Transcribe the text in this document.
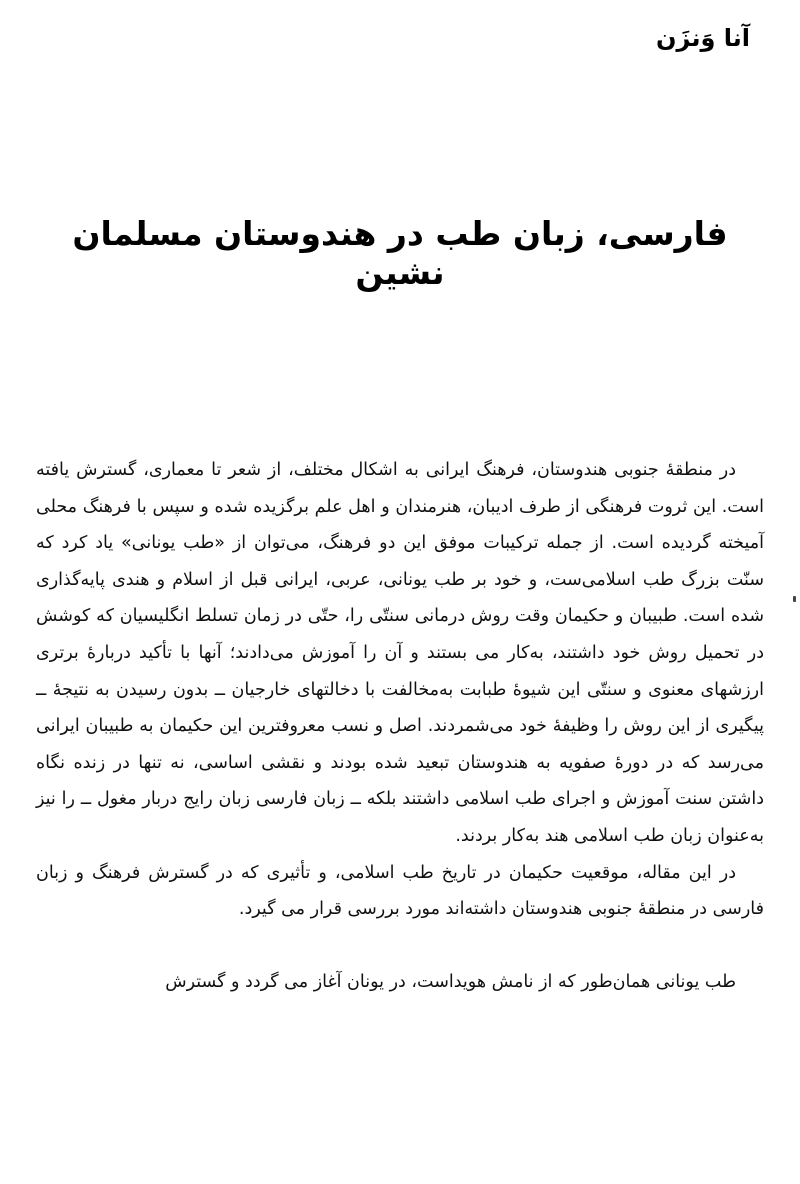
آنا وَنزَن
فارسی، زبان طب در هندوستان مسلمان نشین

در منطقهٔ جنوبی هندوستان، فرهنگ ایرانی به اشکال مختلف، از شعر تا معماری، گسترش یافته است. این ثروت فرهنگی از طرف ادیبان، هنرمندان و اهل علم برگزیده شده و سپس با فرهنگ محلی آمیخته گردیده است. از جمله ترکیبات موفق این دو فرهنگ، می‌توان از «طب یونانی» یاد کرد که سنّت بزرگ طب اسلامی‌ست، و خود بر طب یونانی، عربی، ایرانی قبل از اسلام و هندی پایه‌گذاری شده است. طبیبان و حکیمان وقت روش درمانی سنتّی را، حتّی در زمان تسلط انگلیسیان که کوشش در تحمیل روش خود داشتند، به‌کار می بستند و آن را آموزش می‌دادند؛ آنها با تأکید دربارهٔ برتری ارزشهای معنوی و سنتّی این شیوهٔ طبابت به‌مخالفت با دخالتهای خارجیان ــ بدون رسیدن به نتیجهٔ ــ پیگیری از این روش را وظیفهٔ خود می‌شمردند. اصل و نسب معروفترین این حکیمان به طبیبان ایرانی می‌رسد که در دورهٔ صفویه به هندوستان تبعید شده بودند و نقشی اساسی، نه تنها در زنده نگاه داشتن سنت آموزش و اجرای طب اسلامی داشتند بلکه ــ زبان فارسی زبان رایج دربار مغول ــ را نیز به‌عنوان زبان طب اسلامی هند به‌کار بردند.

در این مقاله، موقعیت حکیمان در تاریخ طب اسلامی، و تأثیری که در گسترش فرهنگ و زبان فارسی در منطقهٔ جنوبی هندوستان داشته‌اند مورد بررسی قرار می گیرد.

طب یونانی همان‌طور که از نامش هویداست، در یونان آغاز می گردد و گسترش
